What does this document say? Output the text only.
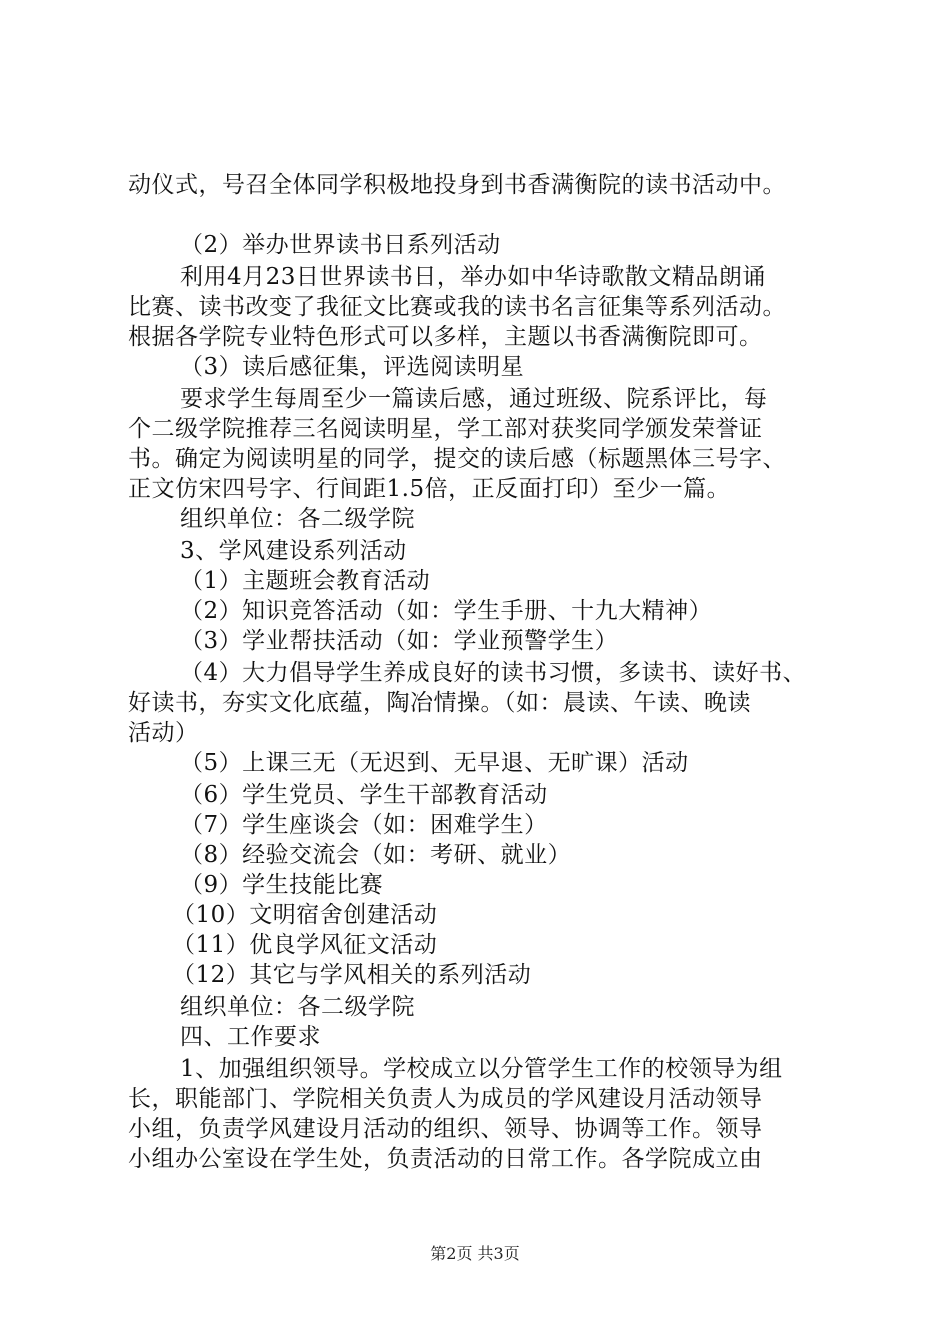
动仪式，号召全体同学积极地投身到书香满衡院的读书活动中。
（2）举办世界读书日系列活动
利用4月23日世界读书日，举办如中华诗歌散文精品朗诵
比赛、读书改变了我征文比赛或我的读书名言征集等系列活动。
根据各学院专业特色形式可以多样，主题以书香满衡院即可。
（3）读后感征集，评选阅读明星
要求学生每周至少一篇读后感，通过班级、院系评比，每
个二级学院推荐三名阅读明星，学工部对获奖同学颁发荣誉证
书。确定为阅读明星的同学，提交的读后感（标题黑体三号字、
正文仿宋四号字、行间距1.5倍，正反面打印）至少一篇。
组织单位：各二级学院
3、学风建设系列活动
（1）主题班会教育活动
（2）知识竞答活动（如：学生手册、十九大精神）
（3）学业帮扶活动（如：学业预警学生）
（4）大力倡导学生养成良好的读书习惯，多读书、读好书、
好读书，夯实文化底蕴，陶冶情操。（如：晨读、午读、晚读
活动）
（5）上课三无（无迟到、无早退、无旷课）活动
（6）学生党员、学生干部教育活动
（7）学生座谈会（如：困难学生）
（8）经验交流会（如：考研、就业）
（9）学生技能比赛
（10）文明宿舍创建活动
（11）优良学风征文活动
（12）其它与学风相关的系列活动
组织单位：各二级学院
四、工作要求
1、加强组织领导。学校成立以分管学生工作的校领导为组
长，职能部门、学院相关负责人为成员的学风建设月活动领导
小组，负责学风建设月活动的组织、领导、协调等工作。领导
小组办公室设在学生处，负责活动的日常工作。各学院成立由
第2页 共3页
